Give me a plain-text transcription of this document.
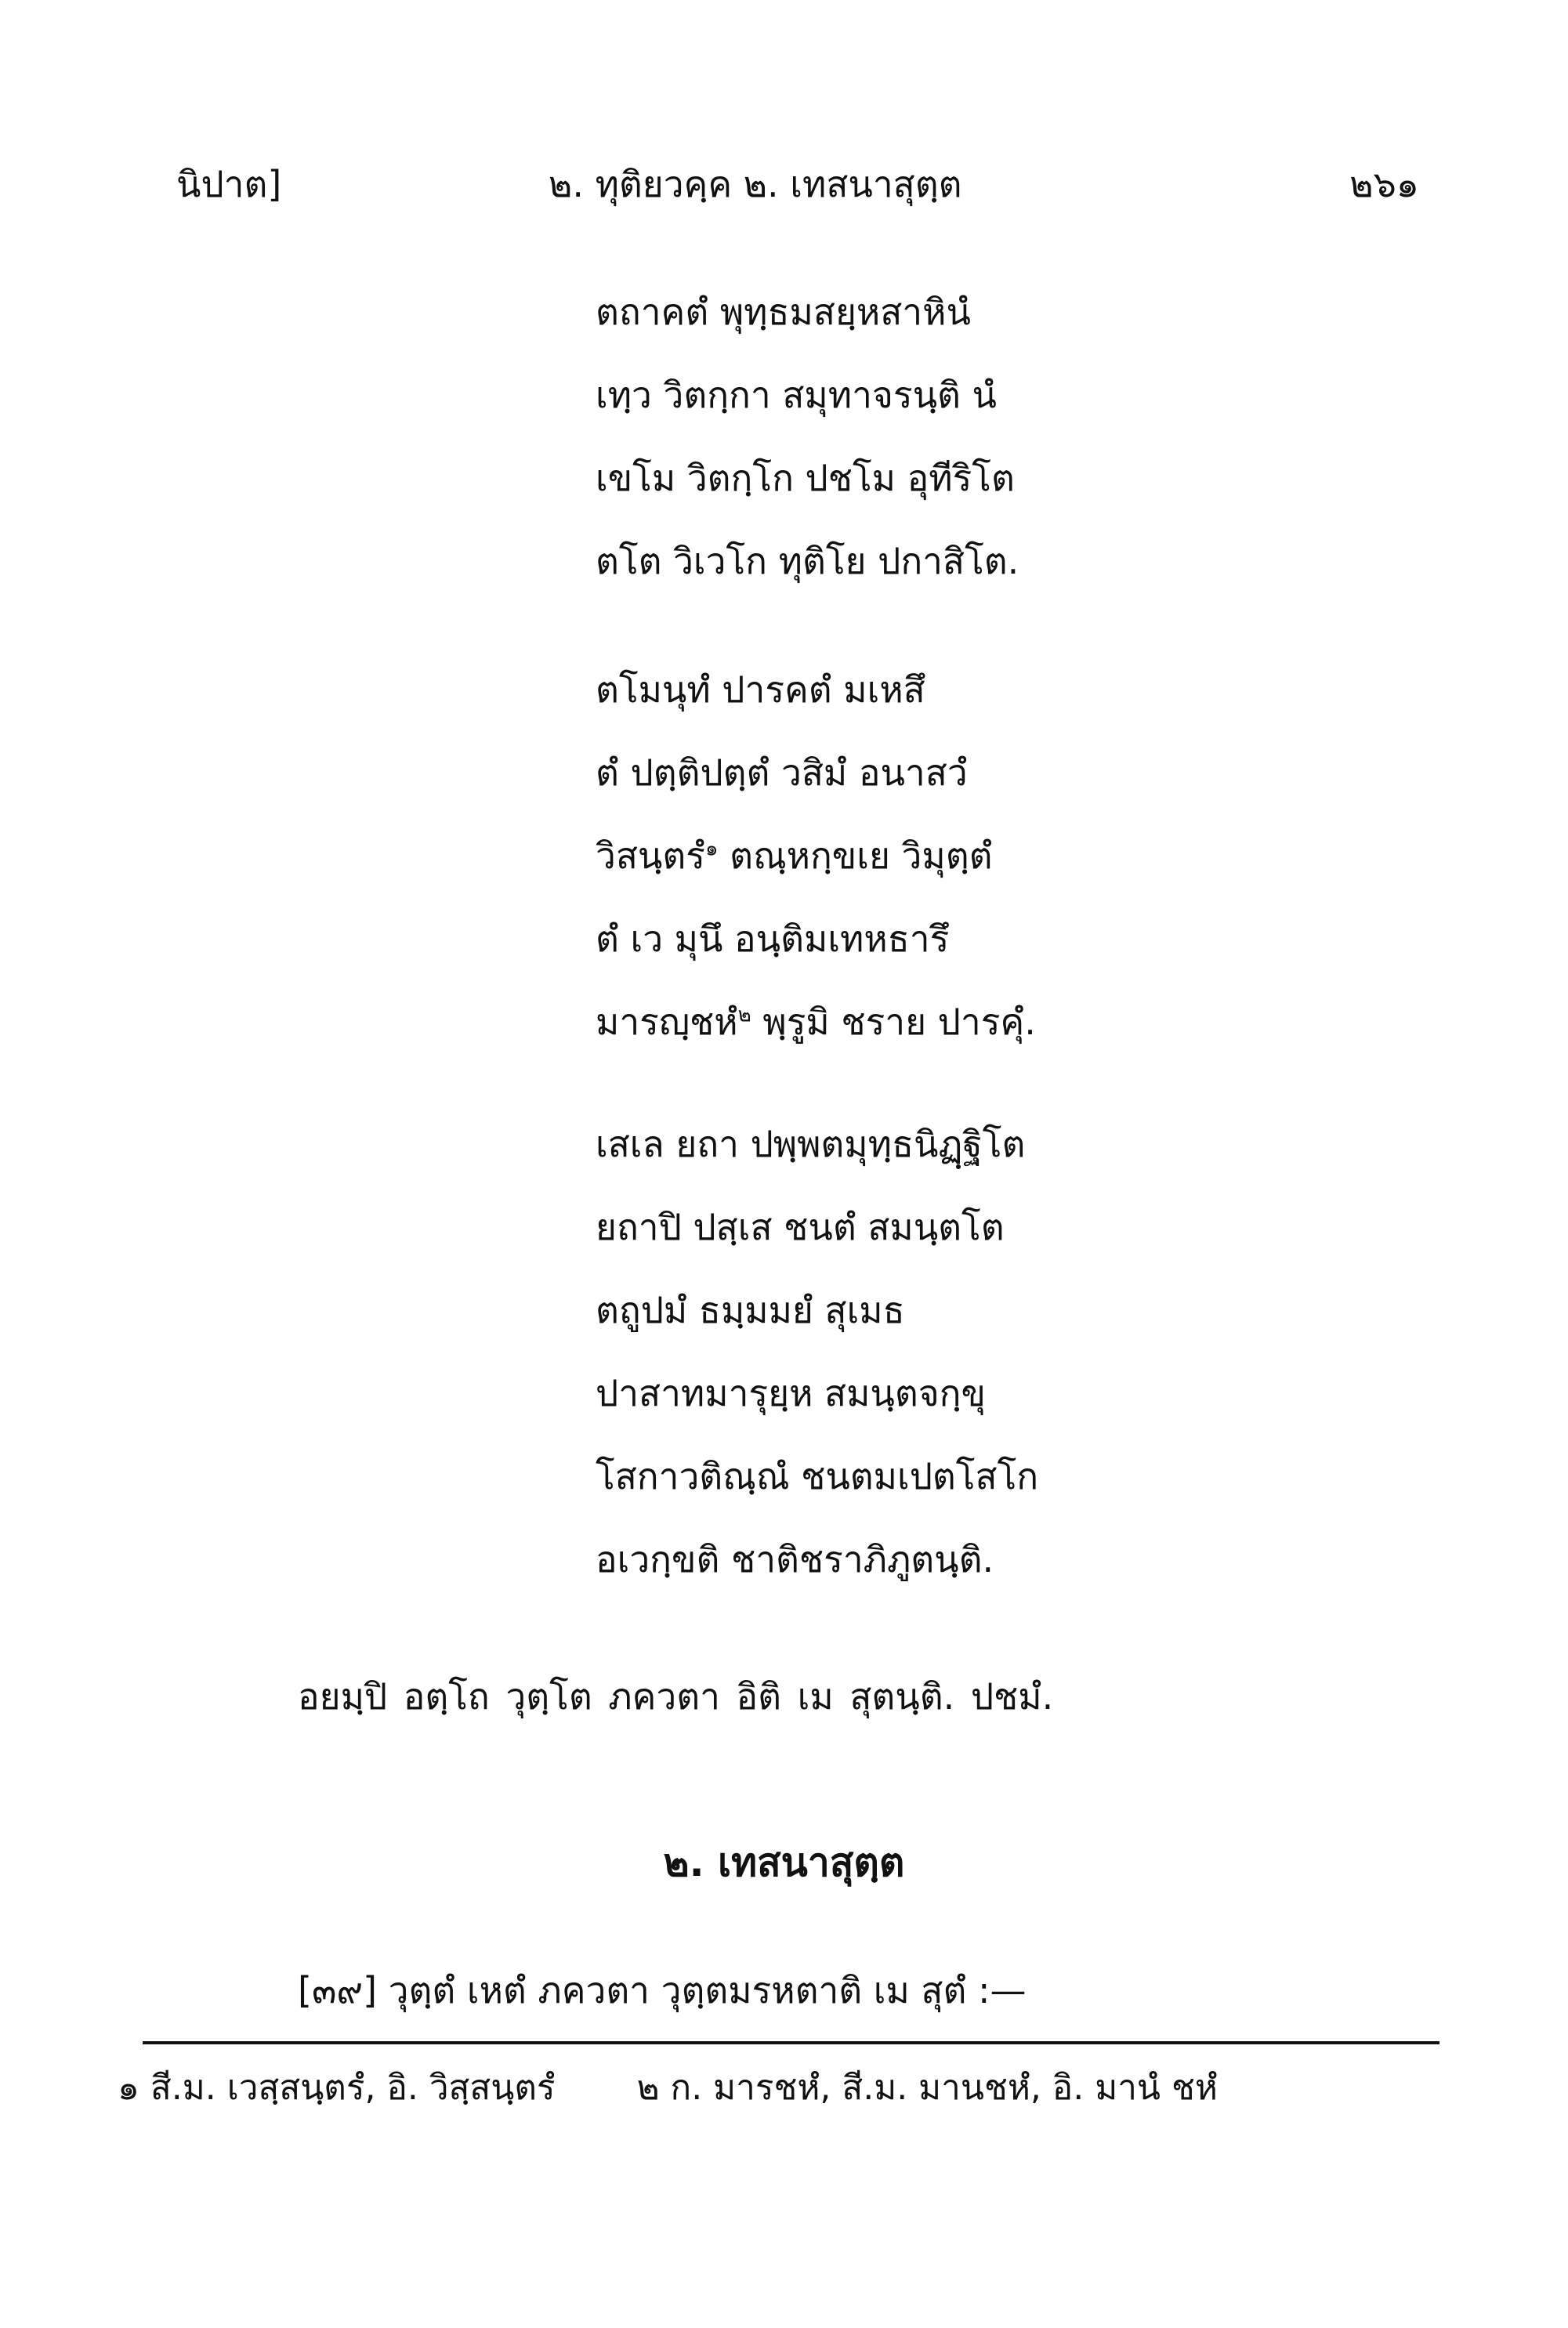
นิปาต]	๒. ทุติยวคฺค ๒. เทสนาสุตฺต	๒๖๑
ตถาคตํ พุทฺธมสยฺหสาหินํ
เทฺว วิตกฺกา สมุทาจรนฺติ นํ
เขโม วิตกฺโก ปชโม อุทีริโต
ตโต วิเวโก ทุติโย ปกาสิโต.
ตโมนุทํ ปารคตํ มเหสึ
ตํ ปตฺติปตฺตํ วสิมํ อนาสวํ
วิสนฺตรํ$^๑$ ตณฺหกฺขเย วิมุตฺตํ
ตํ เว มุนึ อนฺติมเทหธารึ
มารญฺชหํ$^๒$ พฺรูมิ ชราย ปารคุํ.
เสเล ยถา ปพฺพตมุทฺธนิฏฺฐิโต
ยถาปิ ปสฺเส ชนตํ สมนฺตโต
ตถูปมํ ธมฺมมยํ สุเมธ
ปาสาทมารุยฺห สมนฺตจกฺขุ
โสกาวติณฺณํ ชนตมเปตโสโก
อเวกฺขติ ชาติชราภิภูตนฺติ.
อยมฺปิ อตฺโถ วุตฺโต ภควตา อิติ เม สุตนฺติ. ปชมํ.
๒. เทสนาสุตฺต
[๓๙] วุตฺตํ เหตํ ภควตา วุตฺตมรหตาติ เม สุตํ :—
๑ สี.ม. เวสฺสนฺตรํ, อิ. วิสฺสนฺตรํ ๒ ก. มารชหํ, สี.ม. มานชหํ, อิ. มานํ ชหํ
